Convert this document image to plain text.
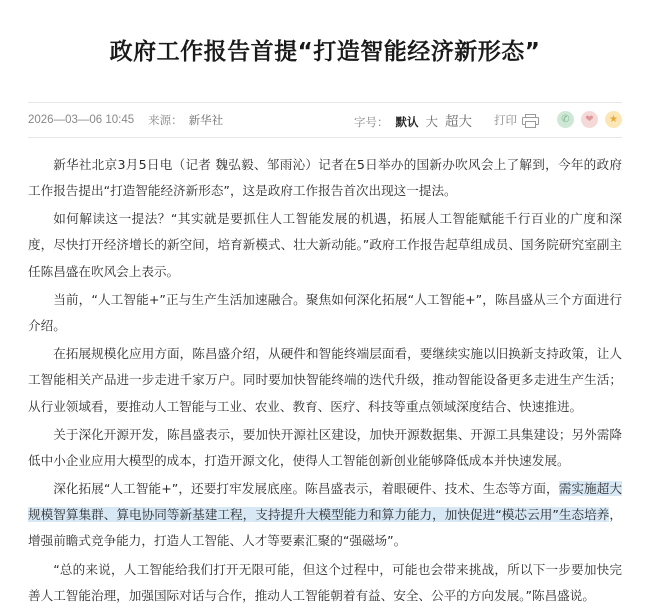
政府工作报告首提“打造智能经济新形态”
2026—03—06 10:45 来源： 新华社	字号： 默认 大 超大 打印	✆	❤	★

新华社北京3月5日电（记者 魏弘毅、邹雨沁）记者在5日举办的国新办吹风会上了解到，今年的政府工作报告提出“打造智能经济新形态”，这是政府工作报告首次出现这一提法。

如何解读这一提法？“其实就是要抓住人工智能发展的机遇，拓展人工智能赋能千行百业的广度和深度，尽快打开经济增长的新空间，培育新模式、壮大新动能。”政府工作报告起草组成员、国务院研究室副主任陈昌盛在吹风会上表示。

当前，“人工智能+”正与生产生活加速融合。聚焦如何深化拓展“人工智能+”，陈昌盛从三个方面进行介绍。

在拓展规模化应用方面，陈昌盛介绍，从硬件和智能终端层面看，要继续实施以旧换新支持政策，让人工智能相关产品进一步走进千家万户。同时要加快智能终端的迭代升级，推动智能设备更多走进生产生活；从行业领域看，要推动人工智能与工业、农业、教育、医疗、科技等重点领域深度结合、快速推进。

关于深化开源开发，陈昌盛表示，要加快开源社区建设，加快开源数据集、开源工具集建设；另外需降低中小企业应用大模型的成本，打造开源文化，使得人工智能创新创业能够降低成本并快速发展。

深化拓展“人工智能+”，还要打牢发展底座。陈昌盛表示，着眼硬件、技术、生态等方面，需实施超大规模智算集群、算电协同等新基建工程，支持提升大模型能力和算力能力，加快促进“模芯云用”生态培养，增强前瞻式竞争能力，打造人工智能、人才等要素汇聚的“强磁场”。

“总的来说，人工智能给我们打开无限可能，但这个过程中，可能也会带来挑战，所以下一步要加快完善人工智能治理，加强国际对话与合作，推动人工智能朝着有益、安全、公平的方向发展。”陈昌盛说。
